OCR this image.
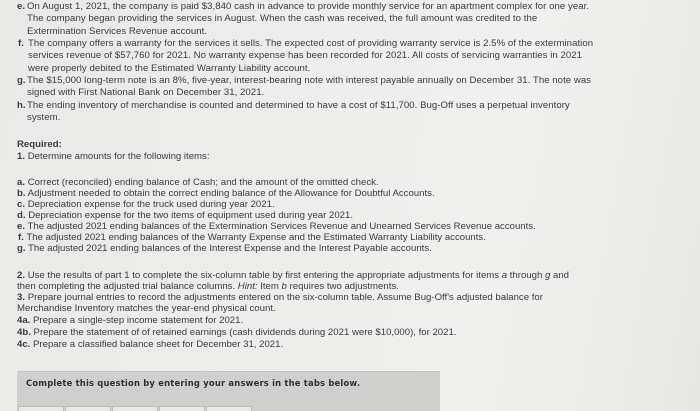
e. On August 1, 2021, the company is paid $3,840 cash in advance to provide monthly service for an apartment complex for one year.
The company began providing the services in August. When the cash was received, the full amount was credited to the
Extermination Services Revenue account.
f. The company offers a warranty for the services it sells. The expected cost of providing warranty service is 2.5% of the extermination
services revenue of $57,760 for 2021. No warranty expense has been recorded for 2021. All costs of servicing warranties in 2021
were properly debited to the Estimated Warranty Liability account.
g.The $15,000 long-term note is an 8%, five-year, interest-bearing note with interest payable annually on December 31. The note was
signed with First National Bank on December 31, 2021.
h.The ending inventory of merchandise is counted and determined to have a cost of $11,700. Bug-Off uses a perpetual inventory
system.
Required:
1. Determine amounts for the following items:
a. Correct (reconciled) ending balance of Cash; and the amount of the omitted check.
b. Adjustment needed to obtain the correct ending balance of the Allowance for Doubtful Accounts.
c. Depreciation expense for the truck used during year 2021.
d. Depreciation expense for the two items of equipment used during year 2021.
e. The adjusted 2021 ending balances of the Extermination Services Revenue and Unearned Services Revenue accounts.
f. The adjusted 2021 ending balances of the Warranty Expense and the Estimated Warranty Liability accounts.
g. The adjusted 2021 ending balances of the Interest Expense and the Interest Payable accounts.
2. Use the results of part 1 to complete the six-column table by first entering the appropriate adjustments for items a through g and
then completing the adjusted trial balance columns. Hint: Item b requires two adjustments.
3. Prepare journal entries to record the adjustments entered on the six-column table. Assume Bug-Off's adjusted balance for
Merchandise Inventory matches the year-end physical count.
4a. Prepare a single-step income statement for 2021.
4b. Prepare the statement of of retained earnings (cash dividends during 2021 were $10,000), for 2021.
4c. Prepare a classified balance sheet for December 31, 2021.
Complete this question by entering your answers in the tabs below.
